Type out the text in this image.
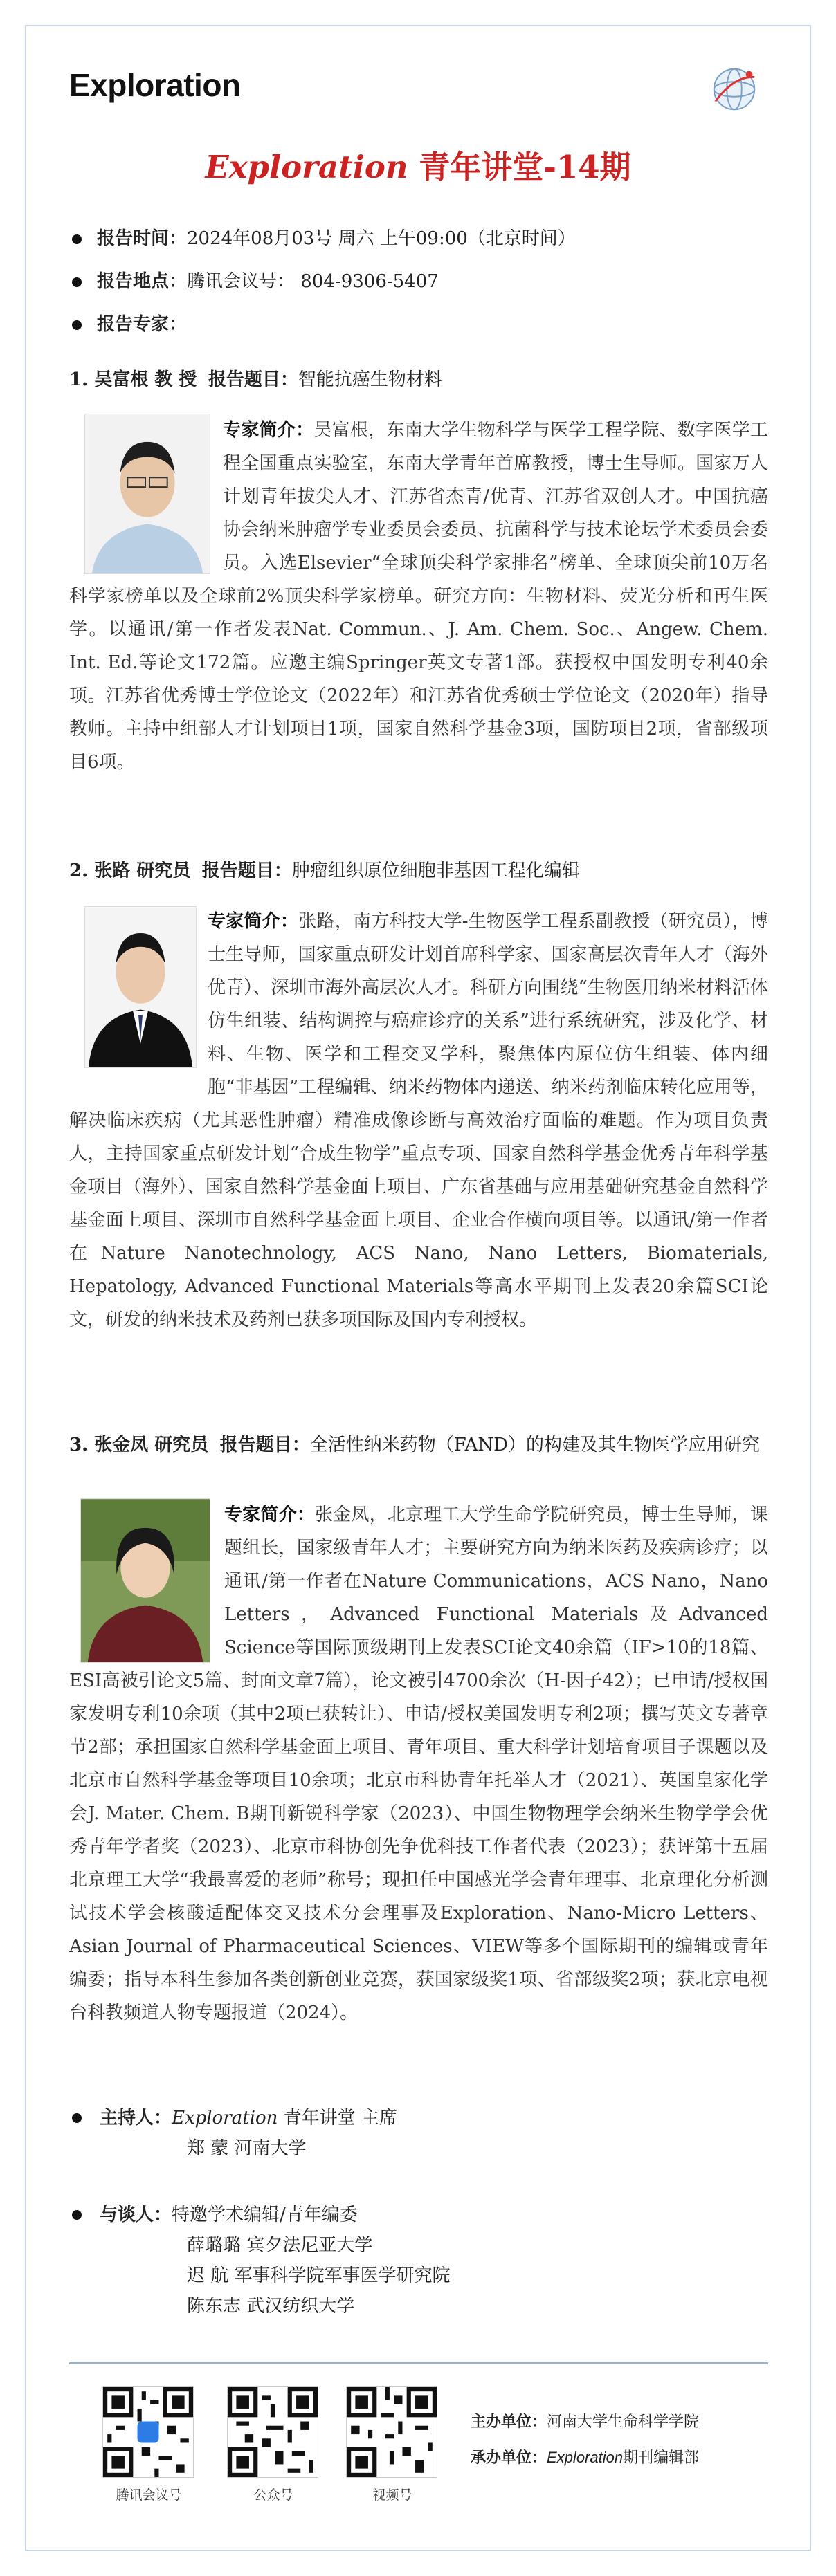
Exploration
Exploration 青年讲堂-14期
报告时间：2024年08月03号 周六 上午09:00（北京时间）
报告地点：腾讯会议号： 804-9306-5407
报告专家：
1. 吴富根 教 授 报告题目：智能抗癌生物材料
专家简介：吴富根，东南大学生物科学与医学工程学院、数字医学工程全国重点实验室，东南大学青年首席教授，博士生导师。国家万人计划青年拔尖人才、江苏省杰青/优青、江苏省双创人才。中国抗癌协会纳米肿瘤学专业委员会委员、抗菌科学与技术论坛学术委员会委员。入选Elsevier“全球顶尖科学家排名”榜单、全球顶尖前10万名科学家榜单以及全球前2%顶尖科学家榜单。研究方向：生物材料、荧光分析和再生医学。以通讯/第一作者发表Nat. Commun.、J. Am. Chem. Soc.、Angew. Chem. Int. Ed.等论文172篇。应邀主编Springer英文专著1部。获授权中国发明专利40余项。江苏省优秀博士学位论文（2022年）和江苏省优秀硕士学位论文（2020年）指导教师。主持中组部人才计划项目1项，国家自然科学基金3项，国防项目2项，省部级项目6项。
2. 张路 研究员 报告题目：肿瘤组织原位细胞非基因工程化编辑
专家简介：张路，南方科技大学-生物医学工程系副教授（研究员），博士生导师，国家重点研发计划首席科学家、国家高层次青年人才（海外优青）、深圳市海外高层次人才。科研方向围绕“生物医用纳米材料活体仿生组装、结构调控与癌症诊疗的关系”进行系统研究，涉及化学、材料、生物、医学和工程交叉学科，聚焦体内原位仿生组装、体内细胞“非基因”工程编辑、纳米药物体内递送、纳米药剂临床转化应用等，解决临床疾病（尤其恶性肿瘤）精准成像诊断与高效治疗面临的难题。作为项目负责人，主持国家重点研发计划“合成生物学”重点专项、国家自然科学基金优秀青年科学基金项目（海外）、国家自然科学基金面上项目、广东省基础与应用基础研究基金自然科学基金面上项目、深圳市自然科学基金面上项目、企业合作横向项目等。以通讯/第一作者在Nature Nanotechnology, ACS Nano, Nano Letters, Biomaterials, Hepatology, Advanced Functional Materials等高水平期刊上发表20余篇SCI论文，研发的纳米技术及药剂已获多项国际及国内专利授权。
3. 张金凤 研究员 报告题目：全活性纳米药物（FAND）的构建及其生物医学应用研究
专家简介：张金凤，北京理工大学生命学院研究员，博士生导师，课题组长，国家级青年人才；主要研究方向为纳米医药及疾病诊疗；以通讯/第一作者在Nature Communications，ACS Nano，Nano Letters，Advanced Functional Materials及Advanced Science等国际顶级期刊上发表SCI论文40余篇（IF>10的18篇、ESI高被引论文5篇、封面文章7篇），论文被引4700余次（H-因子42）；已申请/授权国家发明专利10余项（其中2项已获转让）、申请/授权美国发明专利2项；撰写英文专著章节2部；承担国家自然科学基金面上项目、青年项目、重大科学计划培育项目子课题以及北京市自然科学基金等项目10余项；北京市科协青年托举人才（2021）、英国皇家化学会J. Mater. Chem. B期刊新锐科学家（2023）、中国生物物理学会纳米生物学学会优秀青年学者奖（2023）、北京市科协创先争优科技工作者代表（2023）；获评第十五届北京理工大学“我最喜爱的老师”称号；现担任中国感光学会青年理事、北京理化分析测试技术学会核酸适配体交叉技术分会理事及Exploration、Nano-Micro Letters、Asian Journal of Pharmaceutical Sciences、VIEW等多个国际期刊的编辑或青年编委；指导本科生参加各类创新创业竞赛，获国家级奖1项、省部级奖2项；获北京电视台科教频道人物专题报道（2024）。
主持人：Exploration 青年讲堂 主席
郑 蒙 河南大学
与谈人：特邀学术编辑/青年编委
薛璐璐 宾夕法尼亚大学
迟 航 军事科学院军事医学研究院
陈东志 武汉纺织大学
腾讯会议号	公众号	视频号
主办单位：河南大学生命科学学院
承办单位：Exploration期刊编辑部
